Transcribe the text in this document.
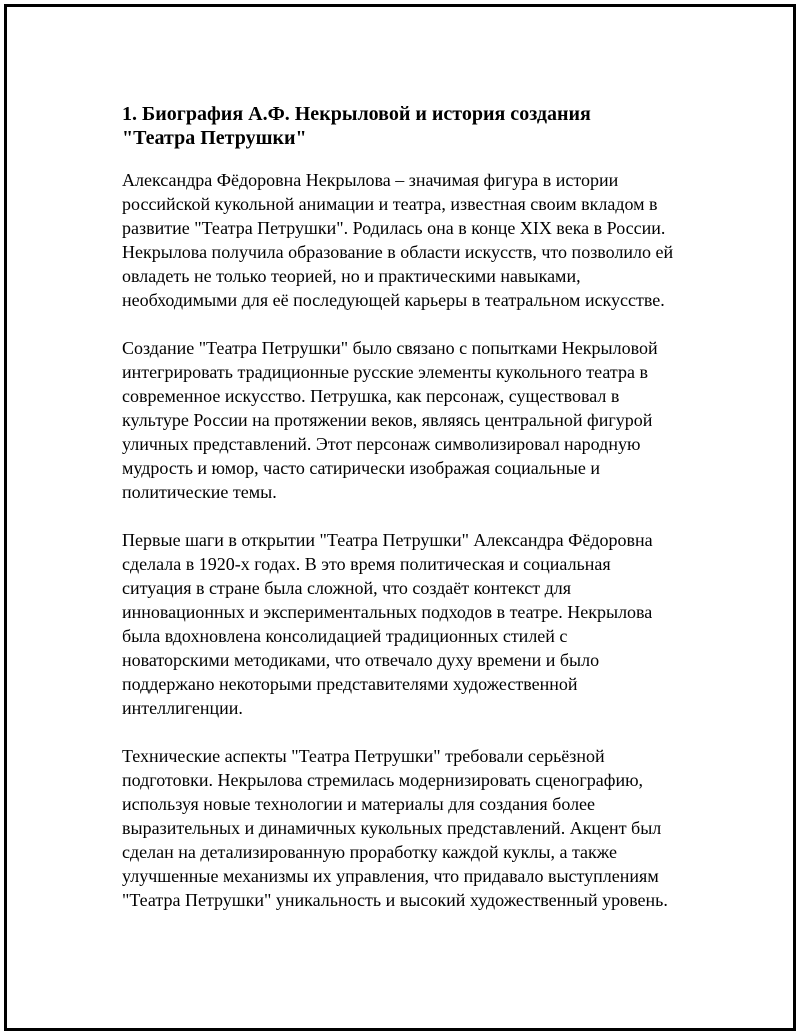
1. Биография А.Ф. Некрыловой и история создания
"Театра Петрушки"

Александра Фёдоровна Некрылова – значимая фигура в истории
российской кукольной анимации и театра, известная своим вкладом в
развитие "Театра Петрушки". Родилась она в конце XIX века в России.
Некрылова получила образование в области искусств, что позволило ей
овладеть не только теорией, но и практическими навыками,
необходимыми для её последующей карьеры в театральном искусстве.

Создание "Театра Петрушки" было связано с попытками Некрыловой
интегрировать традиционные русские элементы кукольного театра в
современное искусство. Петрушка, как персонаж, существовал в
культуре России на протяжении веков, являясь центральной фигурой
уличных представлений. Этот персонаж символизировал народную
мудрость и юмор, часто сатирически изображая социальные и
политические темы.

Первые шаги в открытии "Театра Петрушки" Александра Фёдоровна
сделала в 1920-х годах. В это время политическая и социальная
ситуация в стране была сложной, что создаёт контекст для
инновационных и экспериментальных подходов в театре. Некрылова
была вдохновлена консолидацией традиционных стилей с
новаторскими методиками, что отвечало духу времени и было
поддержано некоторыми представителями художественной
интеллигенции.

Технические аспекты "Театра Петрушки" требовали серьёзной
подготовки. Некрылова стремилась модернизировать сценографию,
используя новые технологии и материалы для создания более
выразительных и динамичных кукольных представлений. Акцент был
сделан на детализированную проработку каждой куклы, а также
улучшенные механизмы их управления, что придавало выступлениям
"Театра Петрушки" уникальность и высокий художественный уровень.
